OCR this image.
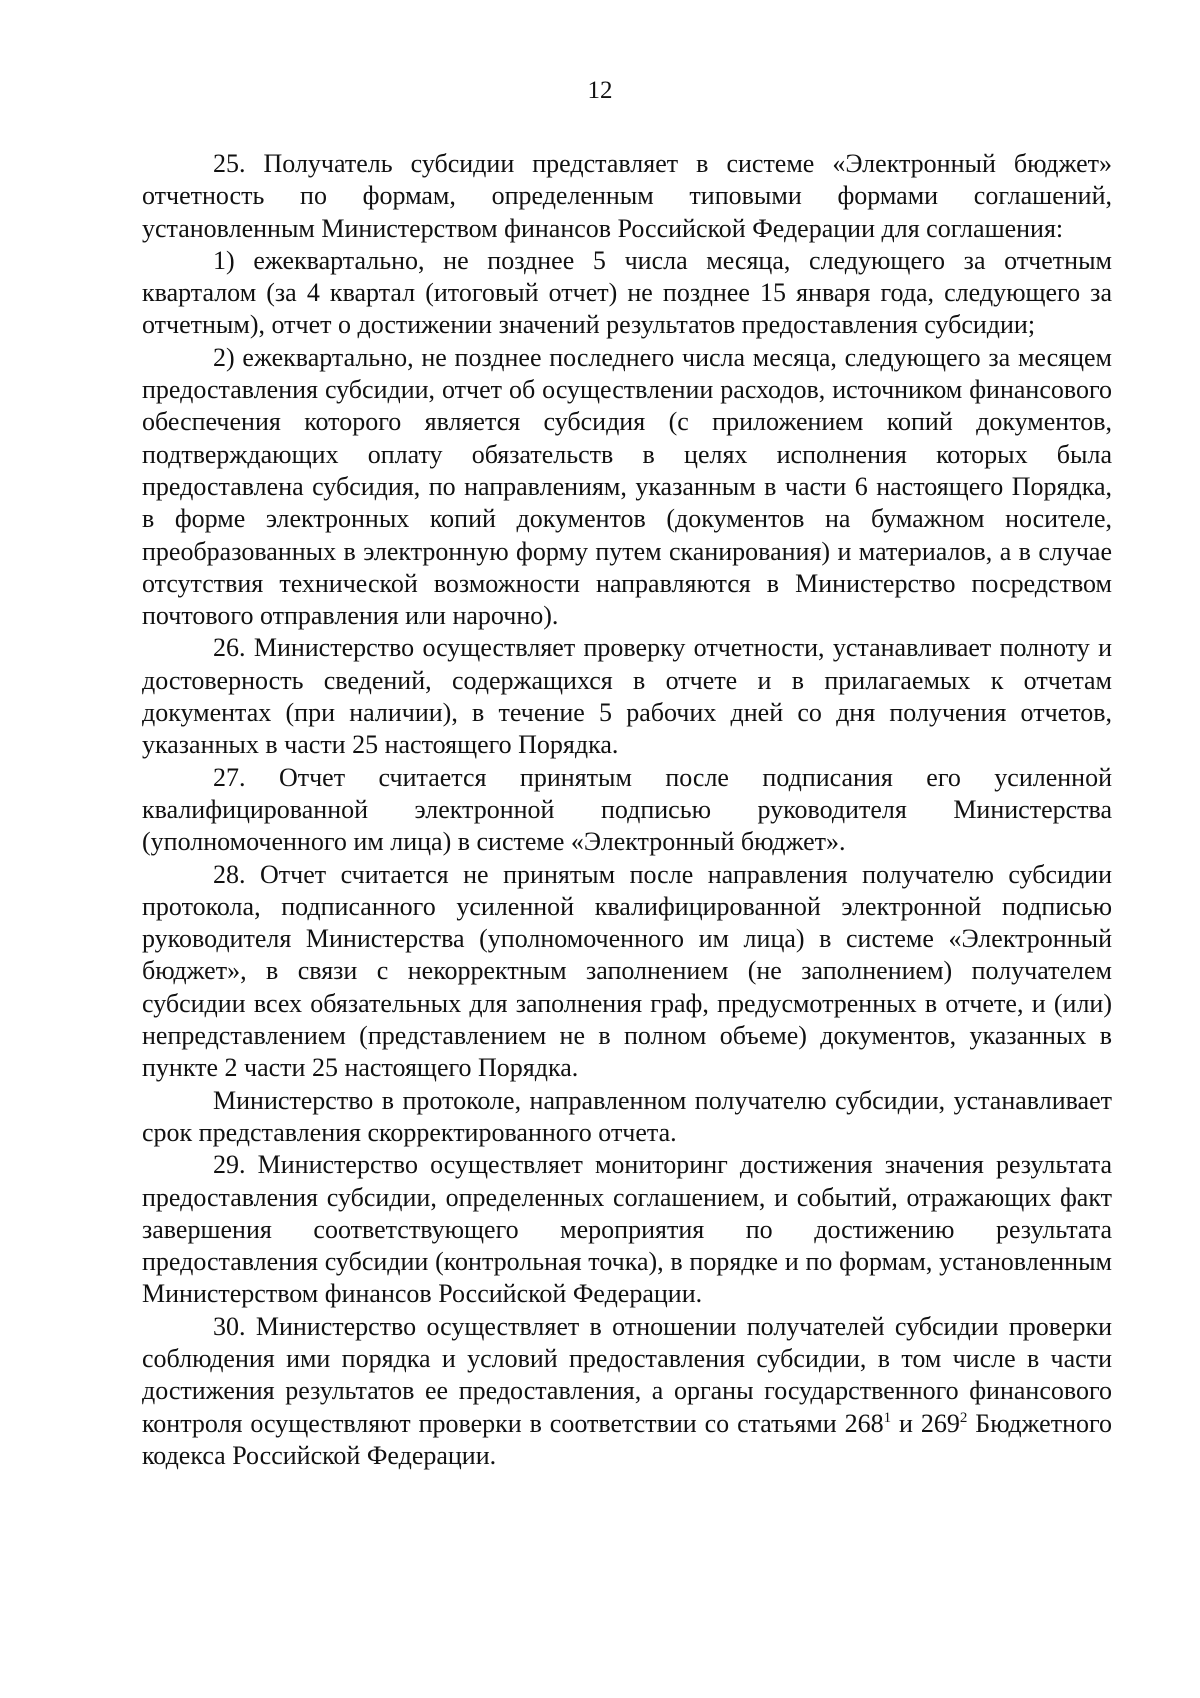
12

25. Получатель субсидии представляет в системе «Электронный бюджет» отчетность по формам, определенным типовыми формами соглашений, установленным Министерством финансов Российской Федерации для соглашения:

1) ежеквартально, не позднее 5 числа месяца, следующего за отчетным кварталом (за 4 квартал (итоговый отчет) не позднее 15 января года, следующего за отчетным), отчет о достижении значений результатов предоставления субсидии;

2) ежеквартально, не позднее последнего числа месяца, следующего за месяцем предоставления субсидии, отчет об осуществлении расходов, источником финансового обеспечения которого является субсидия (с приложением копий документов, подтверждающих оплату обязательств в целях исполнения которых была предоставлена субсидия, по направлениям, указанным в части 6 настоящего Порядка, в форме электронных копий документов (документов на бумажном носителе, преобразованных в электронную форму путем сканирования) и материалов, а в случае отсутствия технической возможности направляются в Министерство посредством почтового отправления или нарочно).

26. Министерство осуществляет проверку отчетности, устанавливает полноту и достоверность сведений, содержащихся в отчете и в прилагаемых к отчетам документах (при наличии), в течение 5 рабочих дней со дня получения отчетов, указанных в части 25 настоящего Порядка.

27. Отчет считается принятым после подписания его усиленной квалифицированной электронной подписью руководителя Министерства (уполномоченного им лица) в системе «Электронный бюджет».

28. Отчет считается не принятым после направления получателю субсидии протокола, подписанного усиленной квалифицированной электронной подписью руководителя Министерства (уполномоченного им лица) в системе «Электронный бюджет», в связи с некорректным заполнением (не заполнением) получателем субсидии всех обязательных для заполнения граф, предусмотренных в отчете, и (или) непредставлением (представлением не в полном объеме) документов, указанных в пункте 2 части 25 настоящего Порядка.

Министерство в протоколе, направленном получателю субсидии, устанавливает срок представления скорректированного отчета.

29. Министерство осуществляет мониторинг достижения значения результата предоставления субсидии, определенных соглашением, и событий, отражающих факт завершения соответствующего мероприятия по достижению результата предоставления субсидии (контрольная точка), в порядке и по формам, установленным Министерством финансов Российской Федерации.

30. Министерство осуществляет в отношении получателей субсидии проверки соблюдения ими порядка и условий предоставления субсидии, в том числе в части достижения результатов ее предоставления, а органы государственного финансового контроля осуществляют проверки в соответствии со статьями $268^1$ и $269^2$ Бюджетного кодекса Российской Федерации.
